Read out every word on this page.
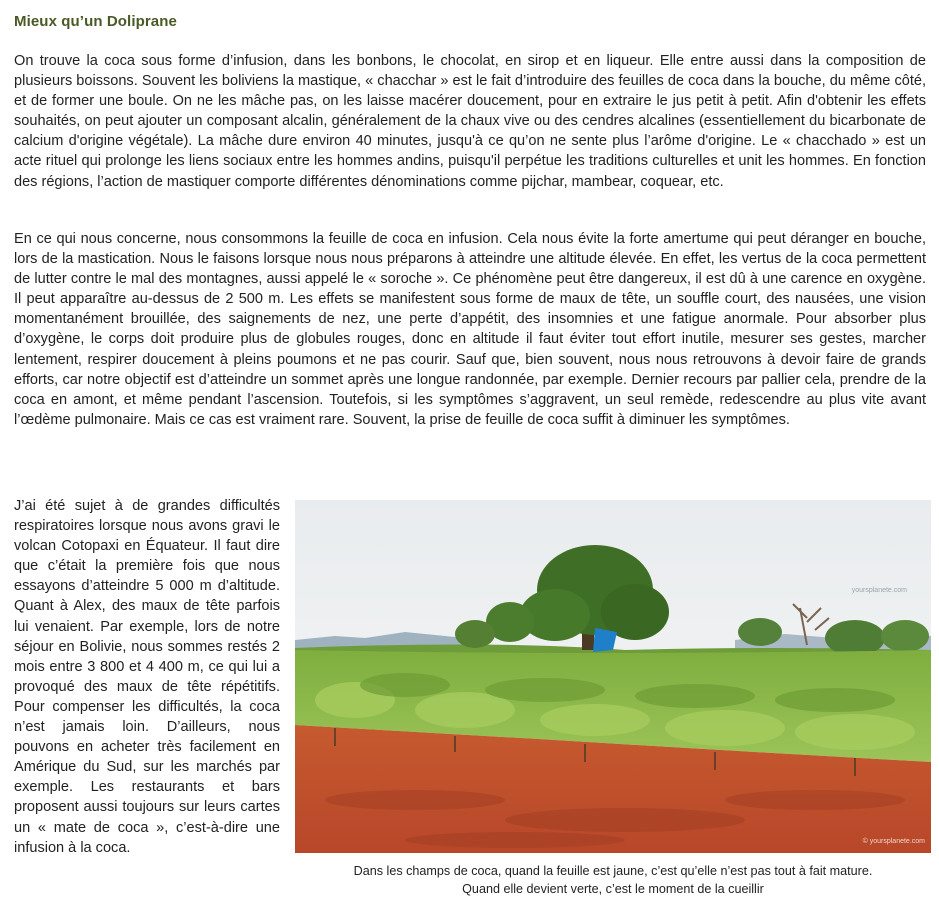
Mieux qu’un Doliprane

On trouve la coca sous forme d’infusion, dans les bonbons, le chocolat, en sirop et en liqueur. Elle entre aussi dans la composition de plusieurs boissons. Souvent les boliviens la mastique, « chacchar » est le fait d’introduire des feuilles de coca dans la bouche, du même côté, et de former une boule. On ne les mâche pas, on les laisse macérer doucement, pour en extraire le jus petit à petit. Afin d'obtenir les effets souhaités, on peut ajouter un composant alcalin, généralement de la chaux vive ou des cendres alcalines (essentiellement du bicarbonate de calcium d'origine végétale). La mâche dure environ 40 minutes, jusqu'à ce qu’on ne sente plus l’arôme d'origine. Le « chacchado » est un acte rituel qui prolonge les liens sociaux entre les hommes andins, puisqu'il perpétue les traditions culturelles et unit les hommes. En fonction des régions, l’action de mastiquer comporte différentes dénominations comme pijchar, mambear, coquear, etc.

En ce qui nous concerne, nous consommons la feuille de coca en infusion. Cela nous évite la forte amertume qui peut déranger en bouche, lors de la mastication. Nous le faisons lorsque nous nous préparons à atteindre une altitude élevée. En effet, les vertus de la coca permettent de lutter contre le mal des montagnes, aussi appelé le « soroche ». Ce phénomène peut être dangereux, il est dû à une carence en oxygène. Il peut apparaître au-dessus de 2 500 m. Les effets se manifestent sous forme de maux de tête, un souffle court, des nausées, une vision momentanément brouillée, des saignements de nez, une perte d’appétit, des insomnies et une fatigue anormale. Pour absorber plus d’oxygène, le corps doit produire plus de globules rouges, donc en altitude il faut éviter tout effort inutile, mesurer ses gestes, marcher lentement, respirer doucement à pleins poumons et ne pas courir. Sauf que, bien souvent, nous nous retrouvons à devoir faire de grands efforts, car notre objectif est d’atteindre un sommet après une longue randonnée, par exemple. Dernier recours par pallier cela, prendre de la coca en amont, et même pendant l’ascension. Toutefois, si les symptômes s’aggravent, un seul remède, redescendre au plus vite avant l’œdème pulmonaire. Mais ce cas est vraiment rare. Souvent, la prise de feuille de coca suffit à diminuer les symptômes.

J’ai été sujet à de grandes difficultés respiratoires lorsque nous avons gravi le volcan Cotopaxi en Équateur. Il faut dire que c’était la première fois que nous essayons d’atteindre 5 000 m d’altitude. Quant à Alex, des maux de tête parfois lui venaient. Par exemple, lors de notre séjour en Bolivie, nous sommes restés 2 mois entre 3 800 et 4 400 m, ce qui lui a provoqué des maux de tête répétitifs. Pour compenser les difficultés, la coca n’est jamais loin. D’ailleurs, nous pouvons en acheter très facilement en Amérique du Sud, sur les marchés par exemple. Les restaurants et bars proposent aussi toujours sur leurs cartes un « mate de coca », c’est-à-dire une infusion à la coca.

yoursplanete.com
© yoursplanete.com
Dans les champs de coca, quand la feuille est jaune, c’est qu’elle n’est pas tout à fait mature.
Quand elle devient verte, c’est le moment de la cueillir
